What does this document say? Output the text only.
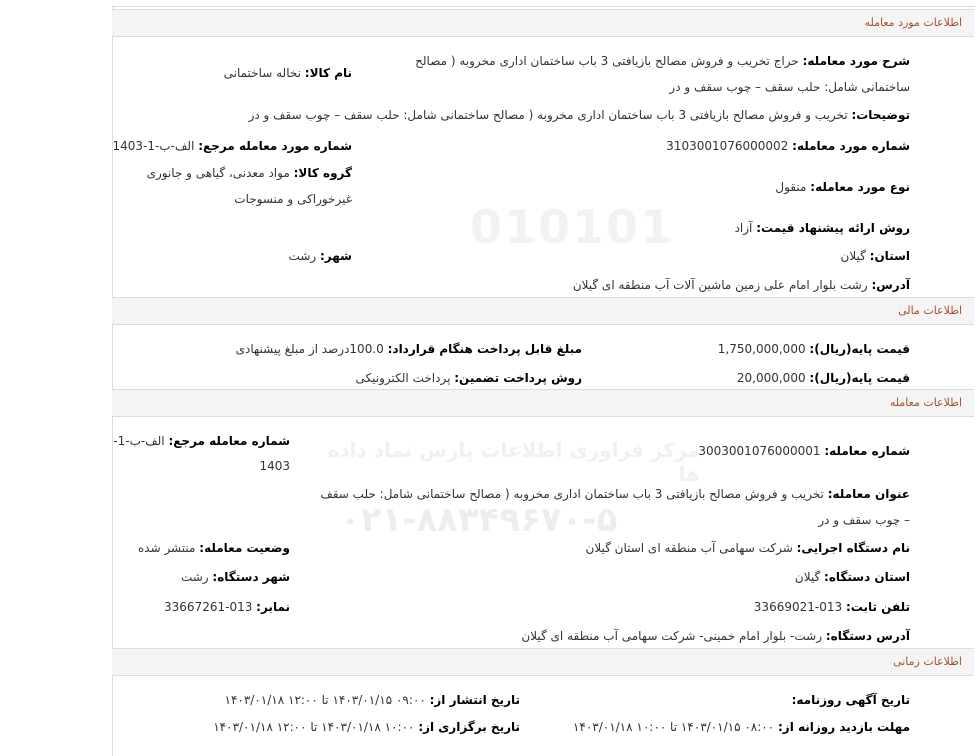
010101
مرکز فراوری اطلاعات پارس نماد داده ها
۰۲۱-۸۸۳۴۹۶۷۰-۵
اطلاعات مورد معامله
شرح مورد معامله: حراج تخریب و فروش مصالح بازیافتی 3 باب ساختمان اداری مخروبه ( مصالح
ساختمانی شامل: حلب سقف – چوب سقف و در
نام کالا: نخاله ساختمانی
توضیحات: تخریب و فروش مصالح بازیافتی 3 باب ساختمان اداری مخروبه ( مصالح ساختمانی شامل: حلب سقف – چوب سقف و در
شماره مورد معامله: 3103001076000002
شماره مورد معامله مرجع: الف-ب-1-1403
گروه کالا: مواد معدنی، گیاهی و جانوری
غیرخوراکی و منسوجات
نوع مورد معامله: منقول
روش ارائه پیشنهاد قیمت: آزاد
استان: گیلان
شهر: رشت
آدرس: رشت بلوار امام علی زمین ماشین آلات آب منطقه ای گیلان
اطلاعات مالی
قیمت پایه(ریال): 1,750,000,000
مبلغ قابل پرداخت هنگام قرارداد: 100.0درصد از مبلغ پیشنهادی
قیمت پایه(ریال): 20,000,000
روش پرداخت تضمین: پرداخت الکترونیکی
اطلاعات معامله
شماره معامله: 3003001076000001
شماره معامله مرجع: الف-ب-1-
1403
عنوان معامله: تخریب و فروش مصالح بازیافتی 3 باب ساختمان اداری مخروبه ( مصالح ساختمانی شامل: حلب سقف
– چوب سقف و در
نام دستگاه اجرایی: شرکت سهامی آب منطقه ای استان گیلان
وضعیت معامله: منتشر شده
استان دستگاه: گیلان
شهر دستگاه: رشت
تلفن ثابت: 013-33669021
نمابر: 013-33667261
آدرس دستگاه: رشت- بلوار امام خمینی- شرکت سهامی آب منطقه ای گیلان
اطلاعات زمانی
تاریخ آگهی روزنامه:
تاریخ انتشار از: ۰۹:۰۰ ۱۴۰۳/۰۱/۱۵ تا ۱۲:۰۰ ۱۴۰۳/۰۱/۱۸
مهلت بازدید روزانه از: ۰۸:۰۰ ۱۴۰۳/۰۱/۱۵ تا ۱۰:۰۰ ۱۴۰۳/۰۱/۱۸
تاریخ برگزاری از: ۱۰:۰۰ ۱۴۰۳/۰۱/۱۸ تا ۱۲:۰۰ ۱۴۰۳/۰۱/۱۸
